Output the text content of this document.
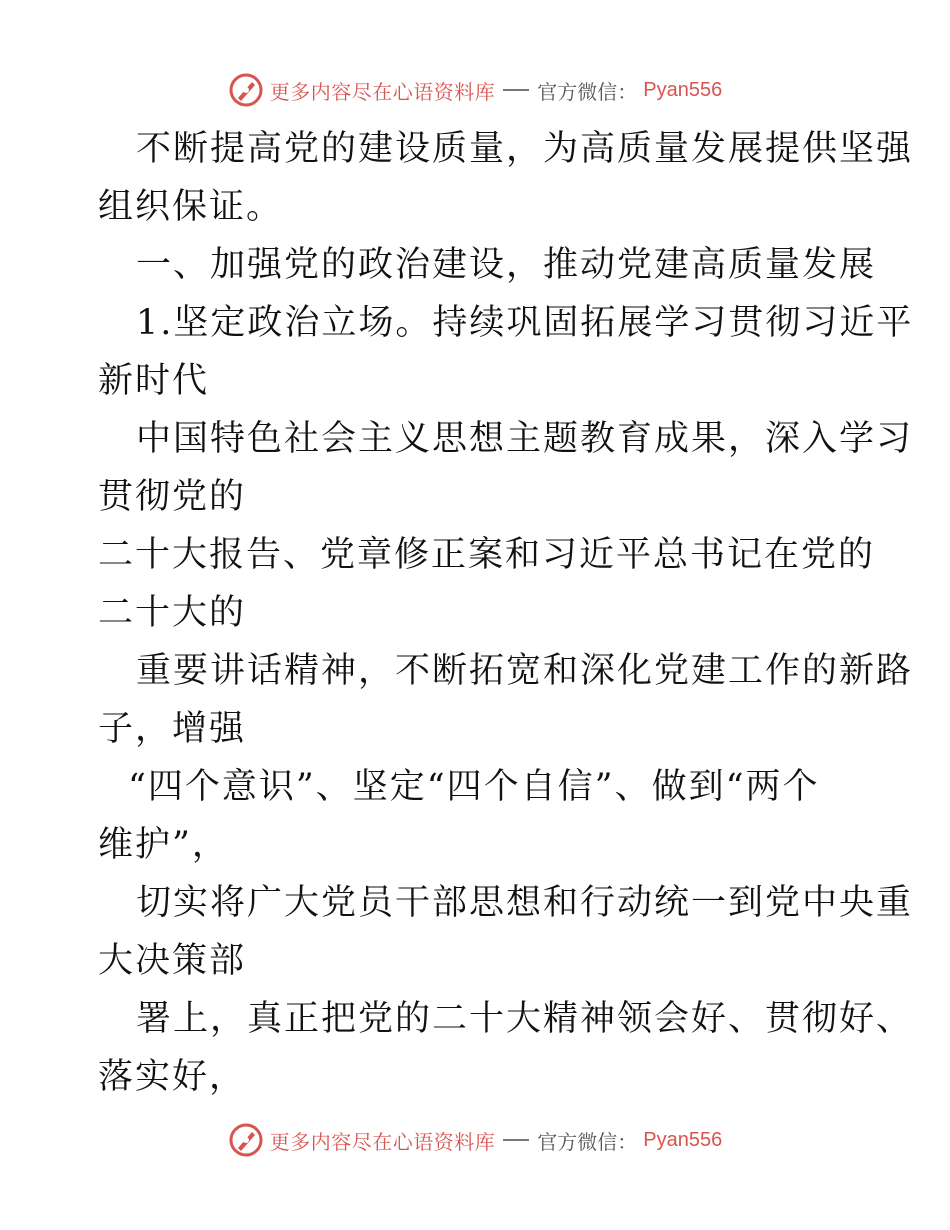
更多内容尽在心语资料库 官方微信： Pyan556
不断提高党的建设质量，为高质量发展提供坚强
组织保证。
一、加强党的政治建设，推动党建高质量发展
1.坚定政治立场。持续巩固拓展学习贯彻习近平
新时代
中国特色社会主义思想主题教育成果，深入学习
贯彻党的
二十大报告、党章修正案和习近平总书记在党的
二十大的
重要讲话精神，不断拓宽和深化党建工作的新路
子，增强
“四个意识”、坚定“四个自信”、做到“两个
维护”，
切实将广大党员干部思想和行动统一到党中央重
大决策部
署上，真正把党的二十大精神领会好、贯彻好、
落实好，
更多内容尽在心语资料库 官方微信： Pyan556
